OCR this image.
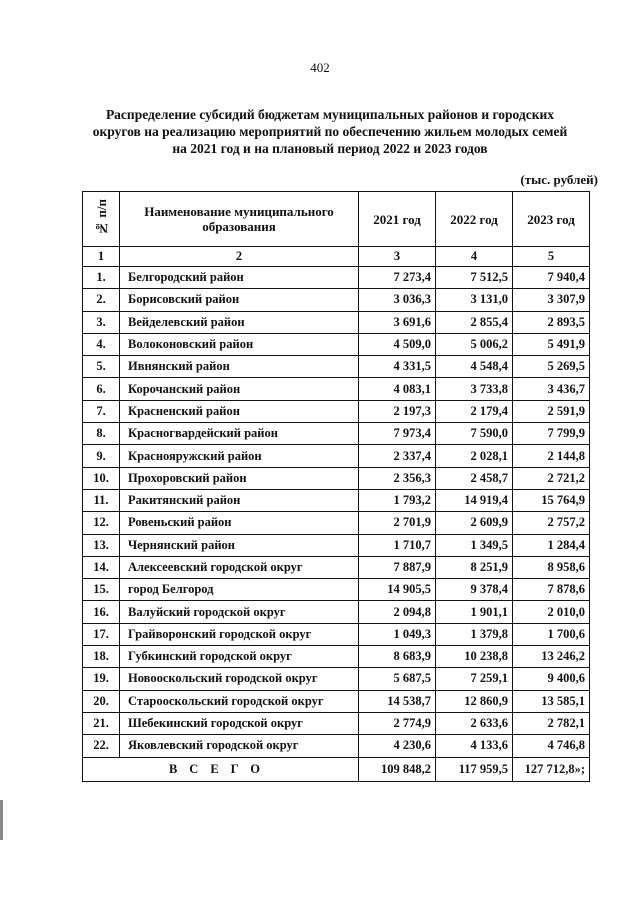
402
Распределение субсидий бюджетам муниципальных районов и городских
округов на реализацию мероприятий по обеспечению жильем молодых семей
на 2021 год и на плановый период 2022 и 2023 годов
(тыс. рублей)
№ п/п	Наименование муниципального образования	2021 год	2022 год	2023 год
1	2	3	4	5
1.	Белгородский район	7 273,4	7 512,5	7 940,4
2.	Борисовский район	3 036,3	3 131,0	3 307,9
3.	Вейделевский район	3 691,6	2 855,4	2 893,5
4.	Волоконовский район	4 509,0	5 006,2	5 491,9
5.	Ивнянский район	4 331,5	4 548,4	5 269,5
6.	Корочанский район	4 083,1	3 733,8	3 436,7
7.	Красненский район	2 197,3	2 179,4	2 591,9
8.	Красногвардейский район	7 973,4	7 590,0	7 799,9
9.	Краснояружский район	2 337,4	2 028,1	2 144,8
10.	Прохоровский район	2 356,3	2 458,7	2 721,2
11.	Ракитянский район	1 793,2	14 919,4	15 764,9
12.	Ровеньский район	2 701,9	2 609,9	2 757,2
13.	Чернянский район	1 710,7	1 349,5	1 284,4
14.	Алексеевский городской округ	7 887,9	8 251,9	8 958,6
15.	город Белгород	14 905,5	9 378,4	7 878,6
16.	Валуйский городской округ	2 094,8	1 901,1	2 010,0
17.	Грайворонский городской округ	1 049,3	1 379,8	1 700,6
18.	Губкинский городской округ	8 683,9	10 238,8	13 246,2
19.	Новооскольский городской округ	5 687,5	7 259,1	9 400,6
20.	Старооскольский городской округ	14 538,7	12 860,9	13 585,1
21.	Шебекинский городской округ	2 774,9	2 633,6	2 782,1
22.	Яковлевский городской округ	4 230,6	4 133,6	4 746,8
ВСЕГО		109 848,2	117 959,5	127 712,8»;
